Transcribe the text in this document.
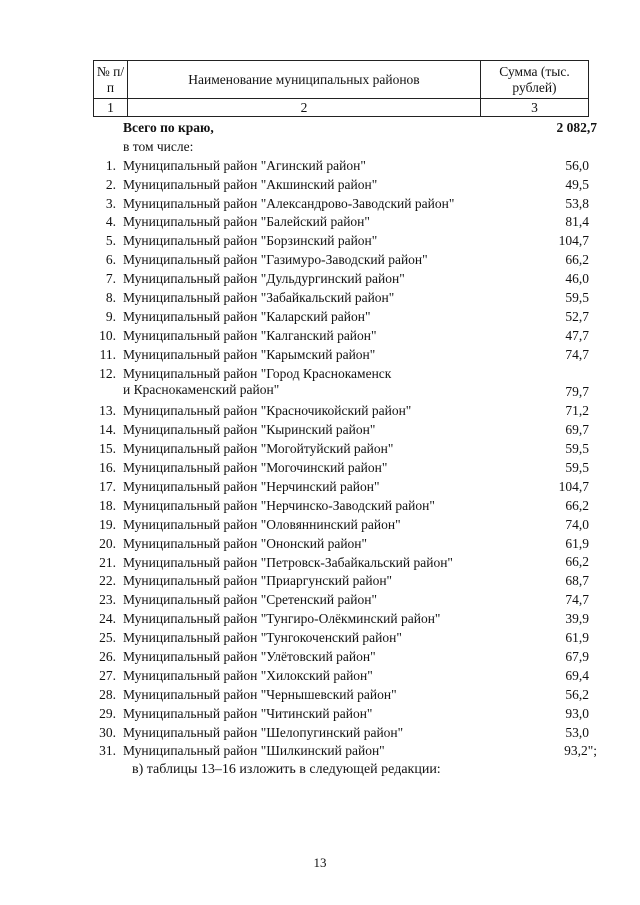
№ п/п	Наименование муниципальных районов	Сумма (тыс. рублей)
1	2	3
Всего по краю,	2 082,7
в том числе:
1. Муниципальный район "Агинский район"	56,0
2. Муниципальный район "Акшинский район"	49,5
3. Муниципальный район "Александрово-Заводский район"	53,8
4. Муниципальный район "Балейский район"	81,4
5. Муниципальный район "Борзинский район"	104,7
6. Муниципальный район "Газимуро-Заводский район"	66,2
7. Муниципальный район "Дульдургинский район"	46,0
8. Муниципальный район "Забайкальский район"	59,5
9. Муниципальный район "Каларский район"	52,7
10. Муниципальный район "Калганский район"	47,7
11. Муниципальный район "Карымский район"	74,7
12. Муниципальный район "Город Краснокаменск
и Краснокаменский район"	79,7
13. Муниципальный район "Красночикойский район"	71,2
14. Муниципальный район "Кыринский район"	69,7
15. Муниципальный район "Могойтуйский район"	59,5
16. Муниципальный район "Могочинский район"	59,5
17. Муниципальный район "Нерчинский район"	104,7
18. Муниципальный район "Нерчинско-Заводский район"	66,2
19. Муниципальный район "Оловяннинский район"	74,0
20. Муниципальный район "Ононский район"	61,9
21. Муниципальный район "Петровск-Забайкальский район"	66,2
22. Муниципальный район "Приаргунский район"	68,7
23. Муниципальный район "Сретенский район"	74,7
24. Муниципальный район "Тунгиро-Олёкминский район"	39,9
25. Муниципальный район "Тунгокоченский район"	61,9
26. Муниципальный район "Улётовский район"	67,9
27. Муниципальный район "Хилокский район"	69,4
28. Муниципальный район "Чернышевский район"	56,2
29. Муниципальный район "Читинский район"	93,0
30. Муниципальный район "Шелопугинский район"	53,0
31. Муниципальный район "Шилкинский район"	93,2";
в) таблицы 13–16 изложить в следующей редакции:
13
